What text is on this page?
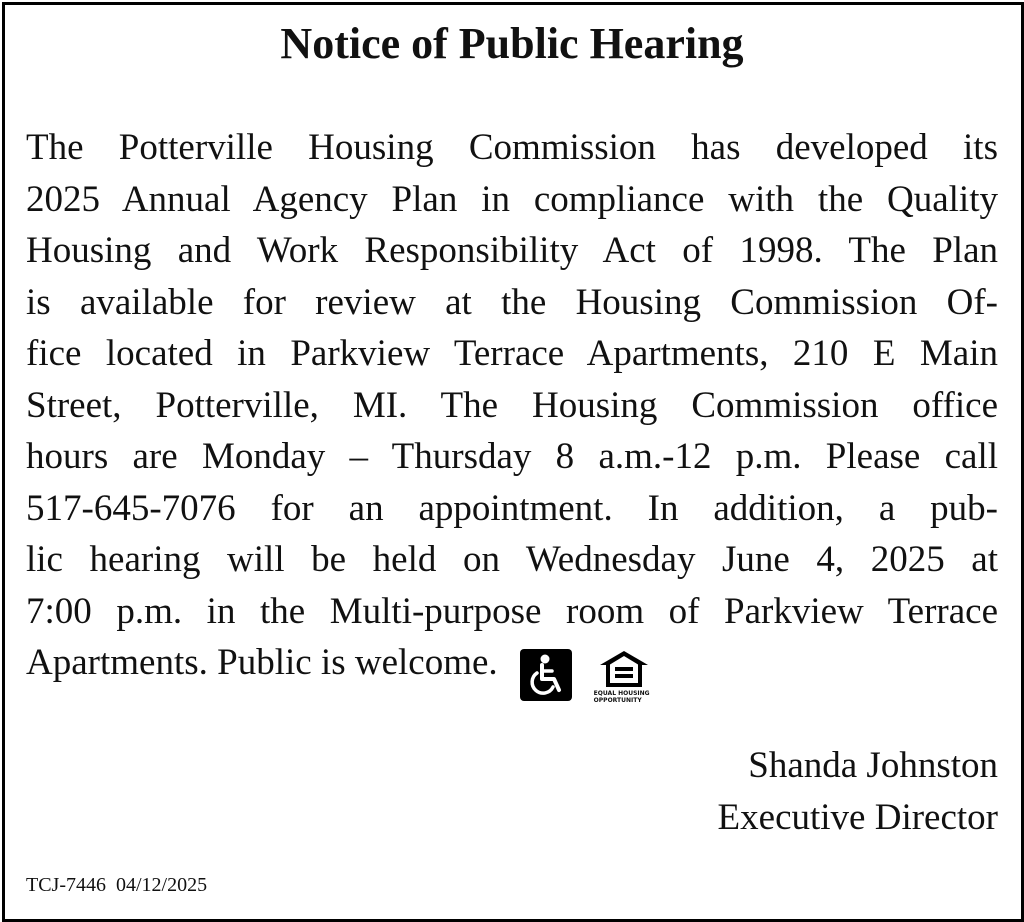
Notice of Public Hearing
The Potterville Housing Commission has developed its
2025 Annual Agency Plan in compliance with the Quality
Housing and Work Responsibility Act of 1998. The Plan
is available for review at the Housing Commission Of-
fice located in Parkview Terrace Apartments, 210 E Main
Street, Potterville, MI. The Housing Commission office
hours are Monday – Thursday 8 a.m.-12 p.m. Please call
517-645-7076 for an appointment. In addition, a pub-
lic hearing will be held on Wednesday June 4, 2025 at
7:00 p.m. in the Multi-purpose room of Parkview Terrace
Apartments. Public is welcome.
EQUAL HOUSING
OPPORTUNITY
Shanda Johnston
Executive Director
TCJ-7446 04/12/2025
